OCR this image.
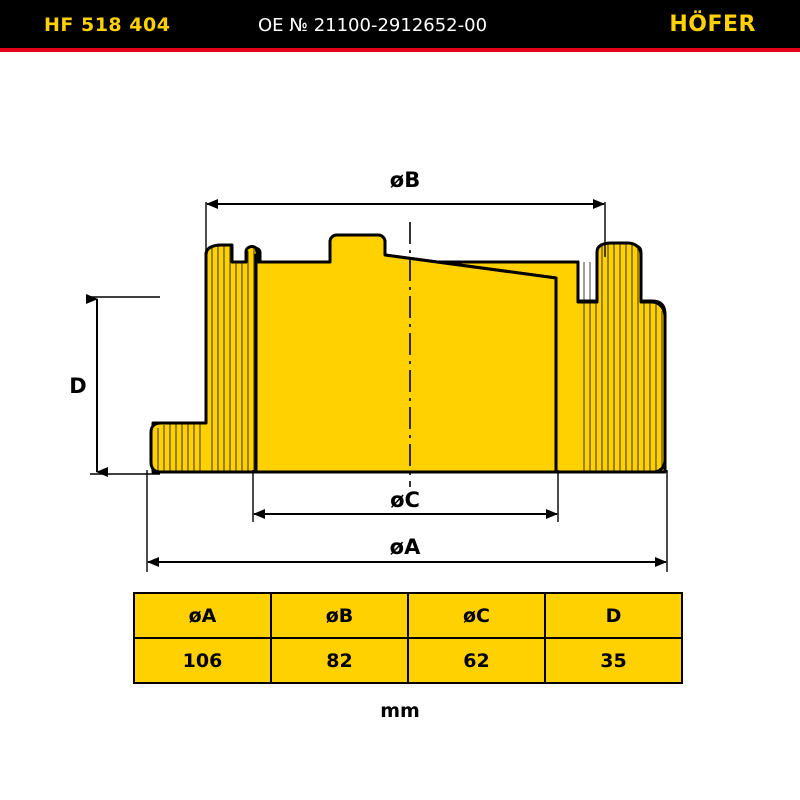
HF 518 404	OE № 21100-2912652-00	HÖFER
øB
D
øC
øA
øA	øB	øC	D
106	82	62	35
mm
